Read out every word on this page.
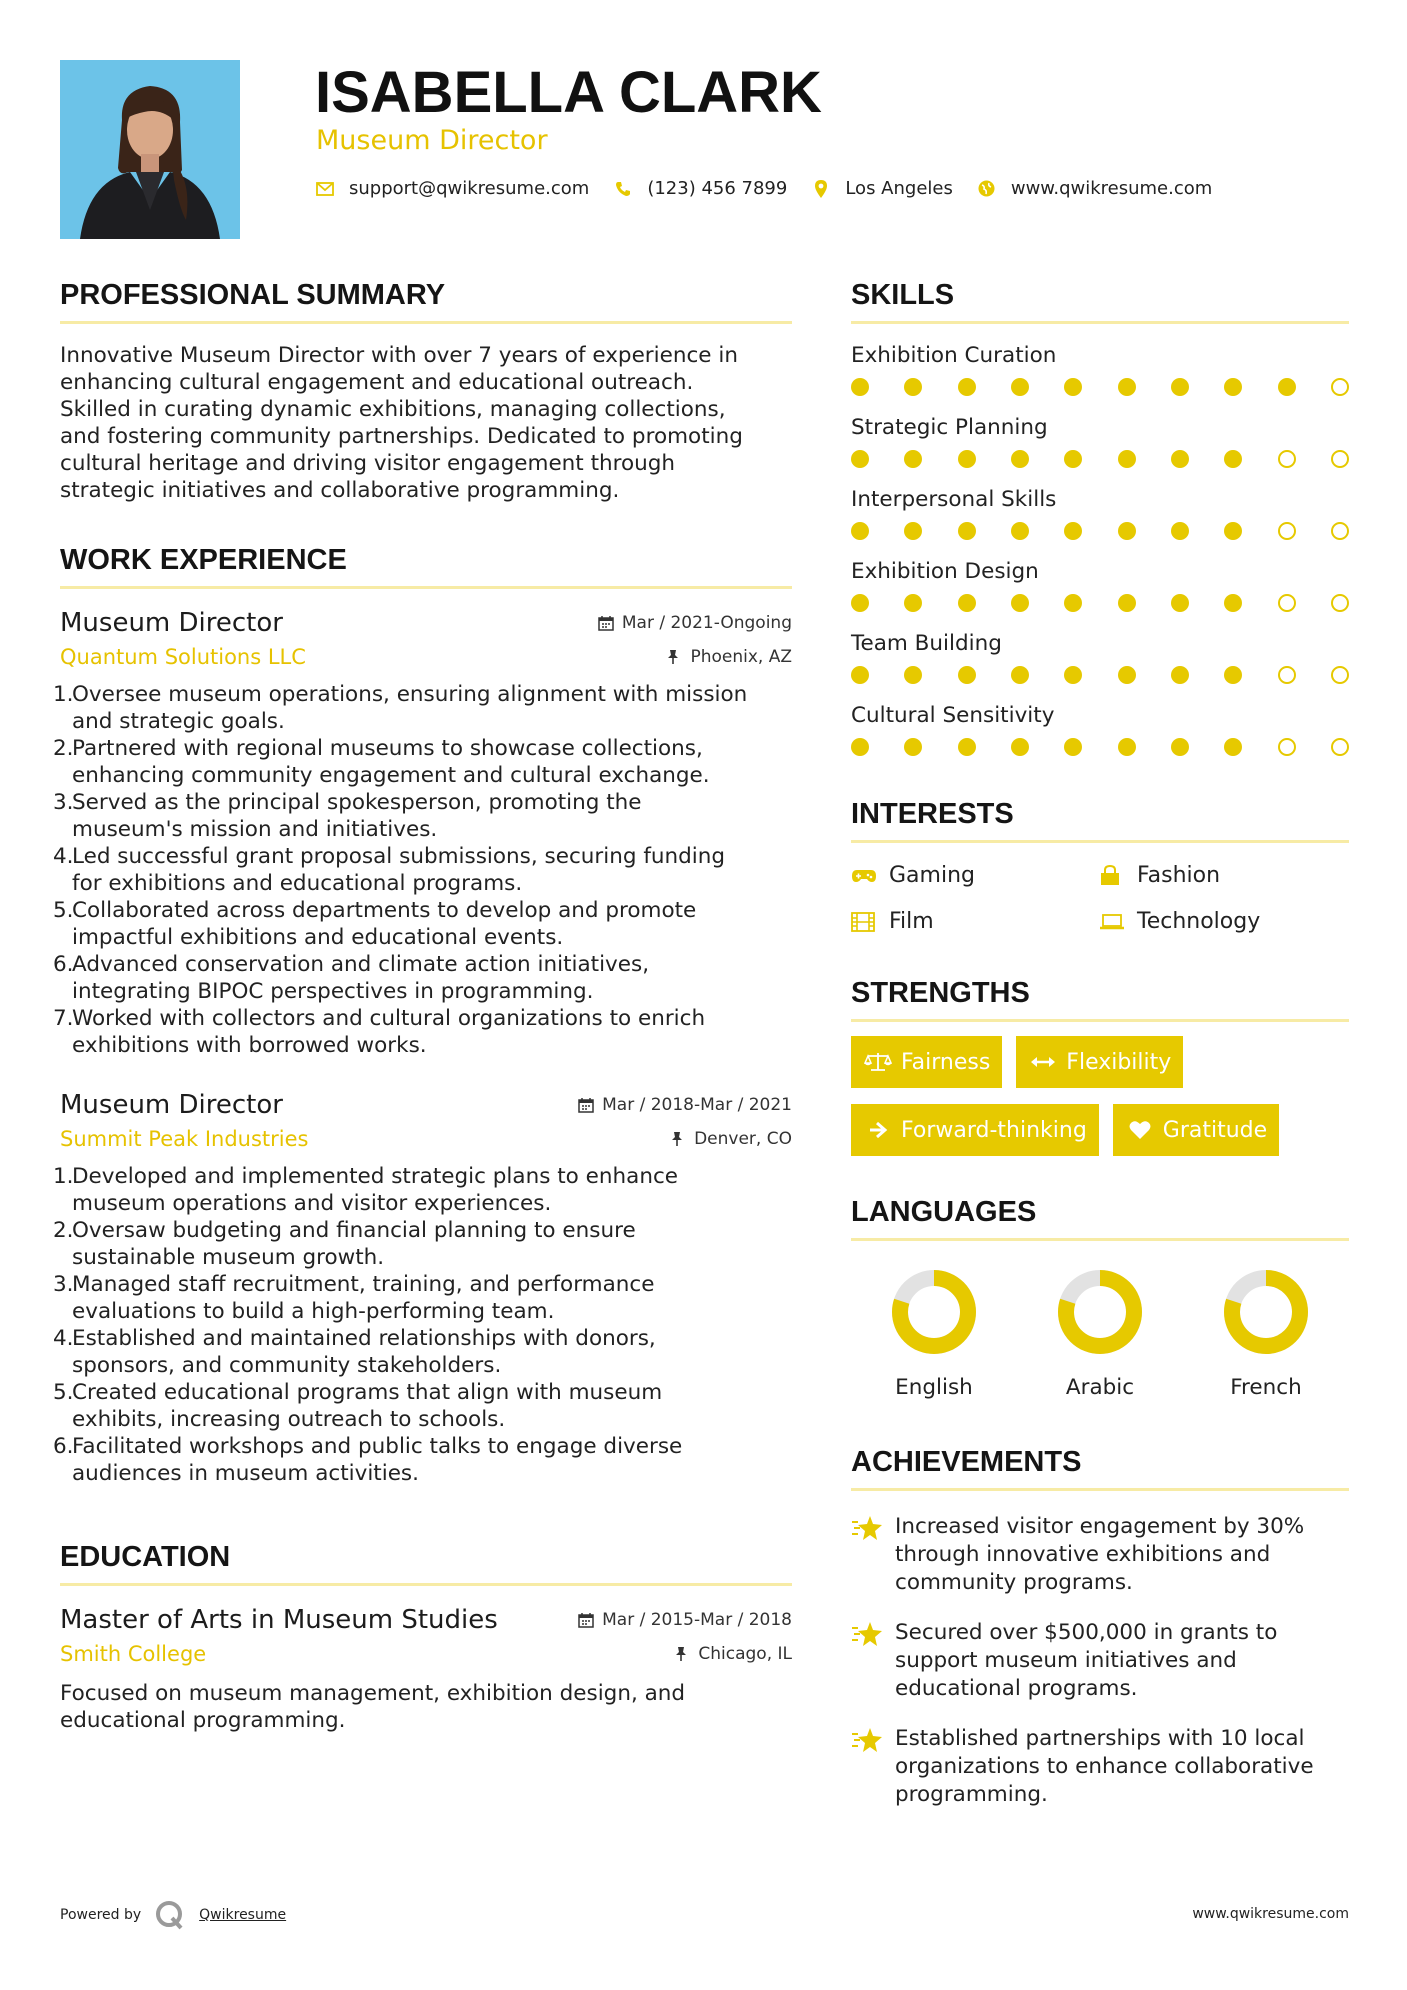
ISABELLA CLARK
Museum Director
support@qwikresume.com	(123) 456 7899	Los Angeles	www.qwikresume.com
PROFESSIONAL SUMMARY
Innovative Museum Director with over 7 years of experience in
enhancing cultural engagement and educational outreach.
Skilled in curating dynamic exhibitions, managing collections,
and fostering community partnerships. Dedicated to promoting
cultural heritage and driving visitor engagement through
strategic initiatives and collaborative programming.
WORK EXPERIENCE
Museum Director	Mar / 2021-Ongoing
Quantum Solutions LLC	Phoenix, AZ
1.
Oversee museum operations, ensuring alignment with mission
and strategic goals.
2.
Partnered with regional museums to showcase collections,
enhancing community engagement and cultural exchange.
3.
Served as the principal spokesperson, promoting the
museum's mission and initiatives.
4.
Led successful grant proposal submissions, securing funding
for exhibitions and educational programs.
5.
Collaborated across departments to develop and promote
impactful exhibitions and educational events.
6.
Advanced conservation and climate action initiatives,
integrating BIPOC perspectives in programming.
7.
Worked with collectors and cultural organizations to enrich
exhibitions with borrowed works.
Museum Director	Mar / 2018-Mar / 2021
Summit Peak Industries	Denver, CO
1.
Developed and implemented strategic plans to enhance
museum operations and visitor experiences.
2.
Oversaw budgeting and financial planning to ensure
sustainable museum growth.
3.
Managed staff recruitment, training, and performance
evaluations to build a high-performing team.
4.
Established and maintained relationships with donors,
sponsors, and community stakeholders.
5.
Created educational programs that align with museum
exhibits, increasing outreach to schools.
6.
Facilitated workshops and public talks to engage diverse
audiences in museum activities.
EDUCATION
Master of Arts in Museum Studies	Mar / 2015-Mar / 2018
Smith College	Chicago, IL
Focused on museum management, exhibition design, and
educational programming.
SKILLS
Exhibition Curation
Strategic Planning
Interpersonal Skills
Exhibition Design
Team Building
Cultural Sensitivity
INTERESTS
Gaming	Fashion
Film	Technology
STRENGTHS
Fairness	Flexibility
Forward-thinking	Gratitude
LANGUAGES
English	Arabic	French
ACHIEVEMENTS
Increased visitor engagement by 30%
through innovative exhibitions and
community programs.
Secured over $500,000 in grants to
support museum initiatives and
educational programs.
Established partnerships with 10 local
organizations to enhance collaborative
programming.
Powered by	Qwikresume	www.qwikresume.com
